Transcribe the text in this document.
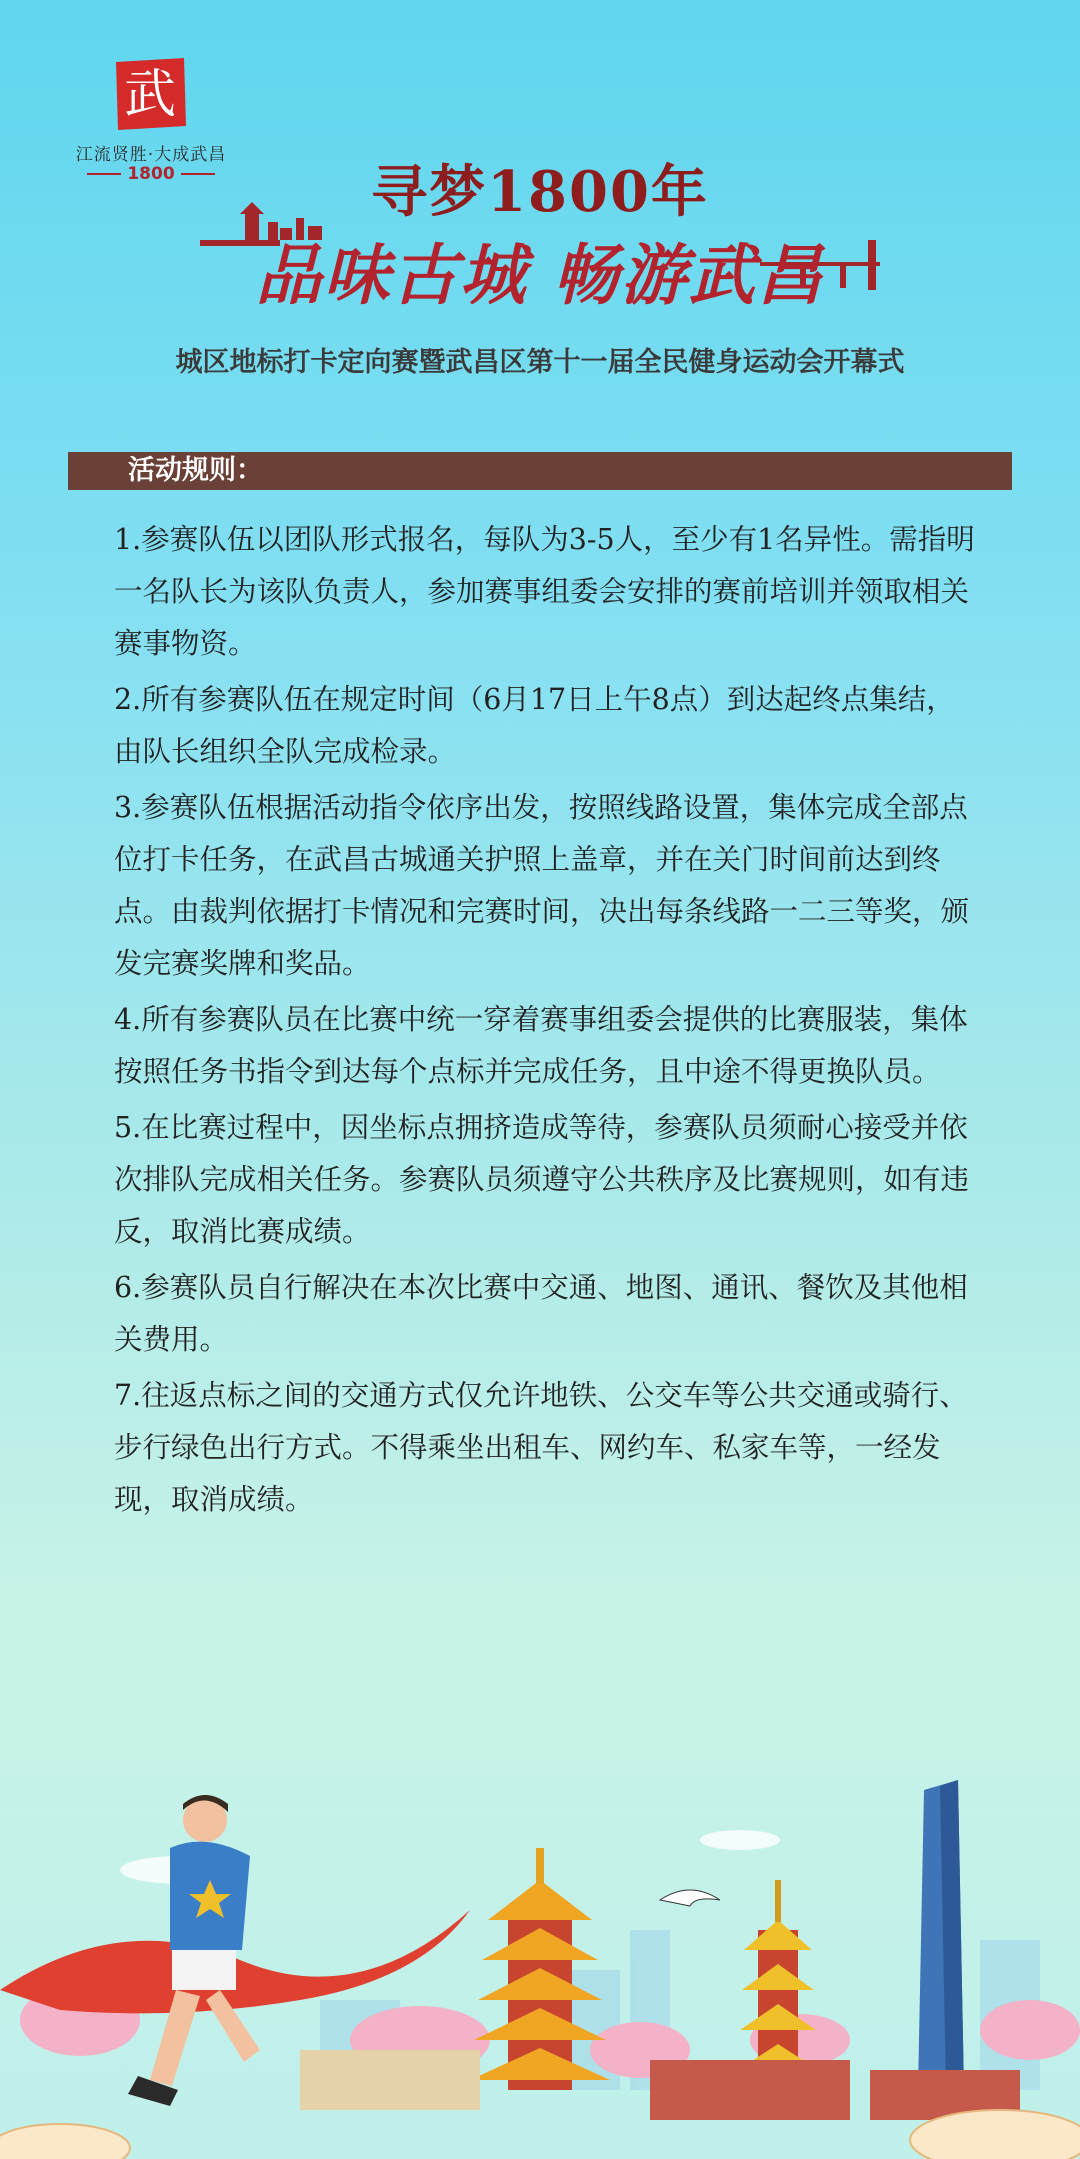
武
江流贤胜·大成武昌
1800	寻梦1800年
品味古城 畅游武昌
城区地标打卡定向赛暨武昌区第十一届全民健身运动会开幕式
活动规则：
1.参赛队伍以团队形式报名，每队为3-5人，至少有1名异性。需指明一名队长为该队负责人，参加赛事组委会安排的赛前培训并领取相关赛事物资。
2.所有参赛队伍在规定时间（6月17日上午8点）到达起终点集结，由队长组织全队完成检录。
3.参赛队伍根据活动指令依序出发，按照线路设置，集体完成全部点位打卡任务，在武昌古城通关护照上盖章，并在关门时间前达到终点。由裁判依据打卡情况和完赛时间，决出每条线路一二三等奖，颁发完赛奖牌和奖品。
4.所有参赛队员在比赛中统一穿着赛事组委会提供的比赛服装，集体按照任务书指令到达每个点标并完成任务，且中途不得更换队员。
5.在比赛过程中，因坐标点拥挤造成等待，参赛队员须耐心接受并依次排队完成相关任务。参赛队员须遵守公共秩序及比赛规则，如有违反，取消比赛成绩。
6.参赛队员自行解决在本次比赛中交通、地图、通讯、餐饮及其他相关费用。
7.往返点标之间的交通方式仅允许地铁、公交车等公共交通或骑行、步行绿色出行方式。不得乘坐出租车、网约车、私家车等，一经发现，取消成绩。
